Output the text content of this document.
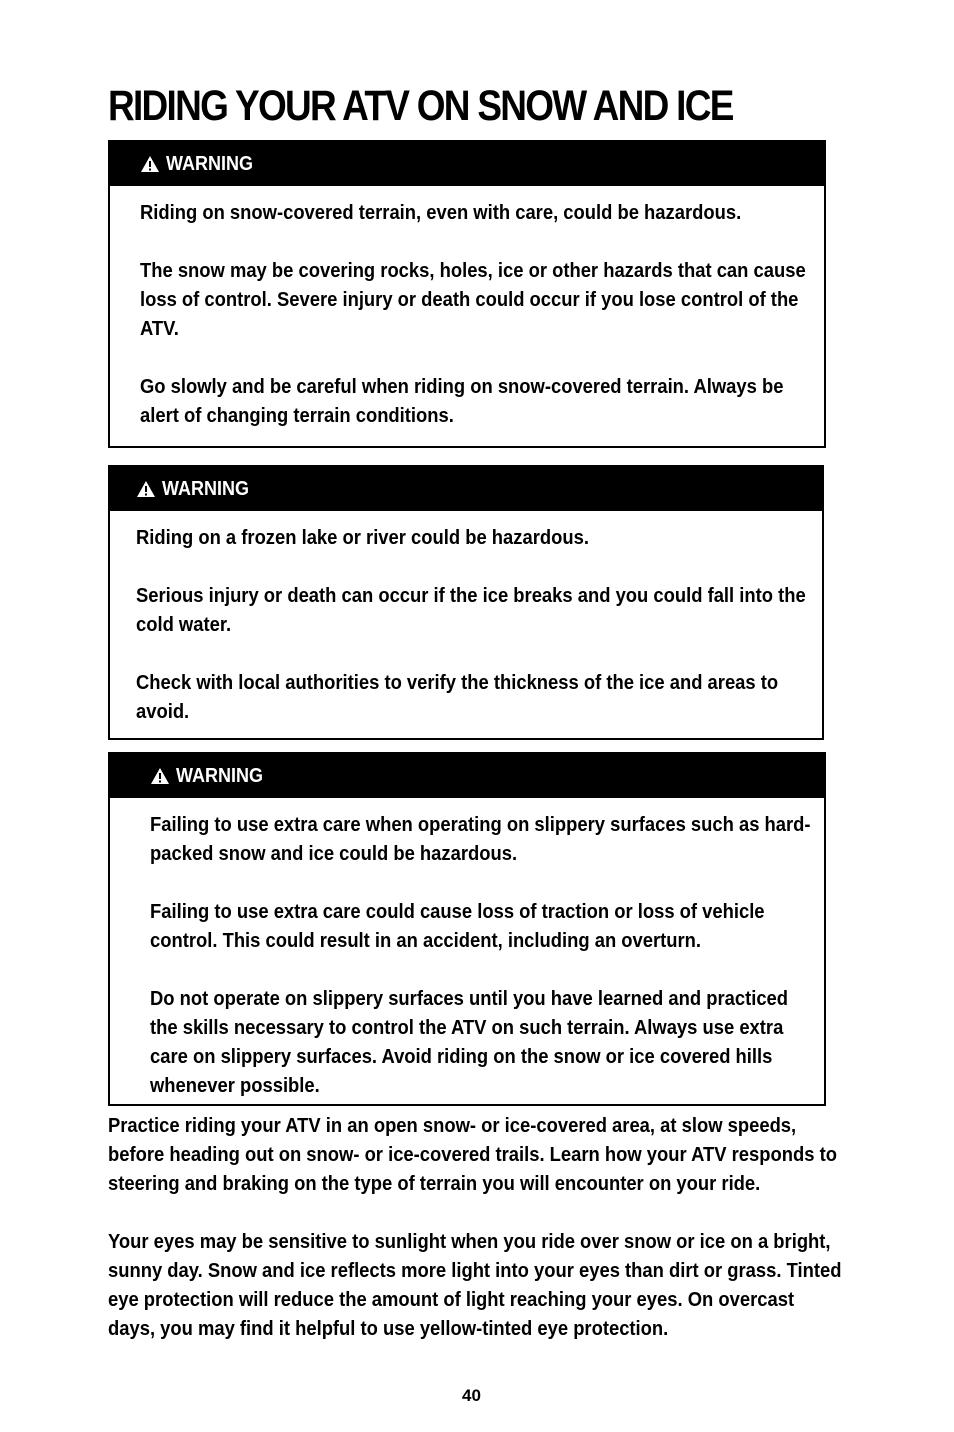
RIDING YOUR ATV ON SNOW AND ICE
WARNING

Riding on snow-covered terrain, even with care, could be hazardous.

The snow may be covering rocks, holes, ice or other hazards that can cause loss of control. Severe injury or death could occur if you lose control of the ATV.

Go slowly and be careful when riding on snow-covered terrain. Always be alert of changing terrain conditions.

WARNING

Riding on a frozen lake or river could be hazardous.

Serious injury or death can occur if the ice breaks and you could fall into the cold water.

Check with local authorities to verify the thickness of the ice and areas to avoid.

WARNING

Failing to use extra care when operating on slippery surfaces such as hard-packed snow and ice could be hazardous.

Failing to use extra care could cause loss of traction or loss of vehicle control. This could result in an accident, including an overturn.

Do not operate on slippery surfaces until you have learned and practiced the skills necessary to control the ATV on such terrain. Always use extra care on slippery surfaces. Avoid riding on the snow or ice covered hills whenever possible.

Practice riding your ATV in an open snow- or ice-covered area, at slow speeds, before heading out on snow- or ice-covered trails. Learn how your ATV responds to steering and braking on the type of terrain you will encounter on your ride.

Your eyes may be sensitive to sunlight when you ride over snow or ice on a bright, sunny day. Snow and ice reflects more light into your eyes than dirt or grass. Tinted eye protection will reduce the amount of light reaching your eyes. On overcast days, you may find it helpful to use yellow-tinted eye protection.

40
